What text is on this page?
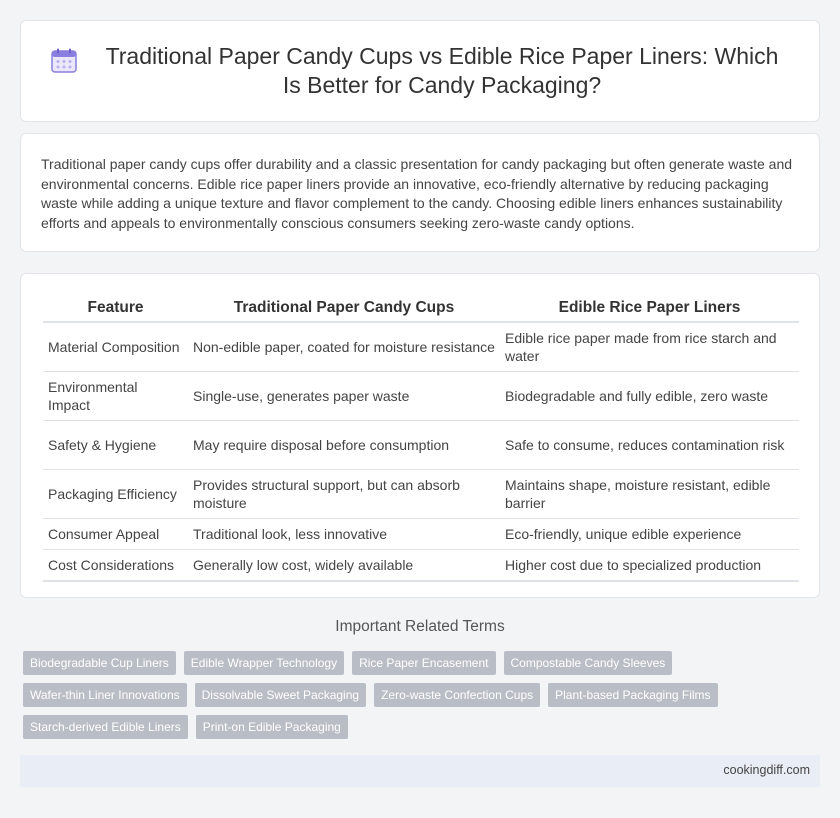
Traditional Paper Candy Cups vs Edible Rice Paper Liners: Which Is Better for Candy Packaging?

Traditional paper candy cups offer durability and a classic presentation for candy packaging but often generate waste and environmental concerns. Edible rice paper liners provide an innovative, eco-friendly alternative by reducing packaging waste while adding a unique texture and flavor complement to the candy. Choosing edible liners enhances sustainability efforts and appeals to environmentally conscious consumers seeking zero-waste candy options.

Feature	Traditional Paper Candy Cups	Edible Rice Paper Liners
Material Composition	Non-edible paper, coated for moisture resistance	Edible rice paper made from rice starch and water
Environmental Impact	Single-use, generates paper waste	Biodegradable and fully edible, zero waste
Safety & Hygiene	May require disposal before consumption	Safe to consume, reduces contamination risk
Packaging Efficiency	Provides structural support, but can absorb moisture	Maintains shape, moisture resistant, edible barrier
Consumer Appeal	Traditional look, less innovative	Eco-friendly, unique edible experience
Cost Considerations	Generally low cost, widely available	Higher cost due to specialized production
Important Related Terms
Biodegradable Cup Liners	Edible Wrapper Technology	Rice Paper Encasement	Compostable Candy Sleeves
Wafer-thin Liner Innovations	Dissolvable Sweet Packaging	Zero-waste Confection Cups	Plant-based Packaging Films
Starch-derived Edible Liners	Print-on Edible Packaging
cookingdiff.com
